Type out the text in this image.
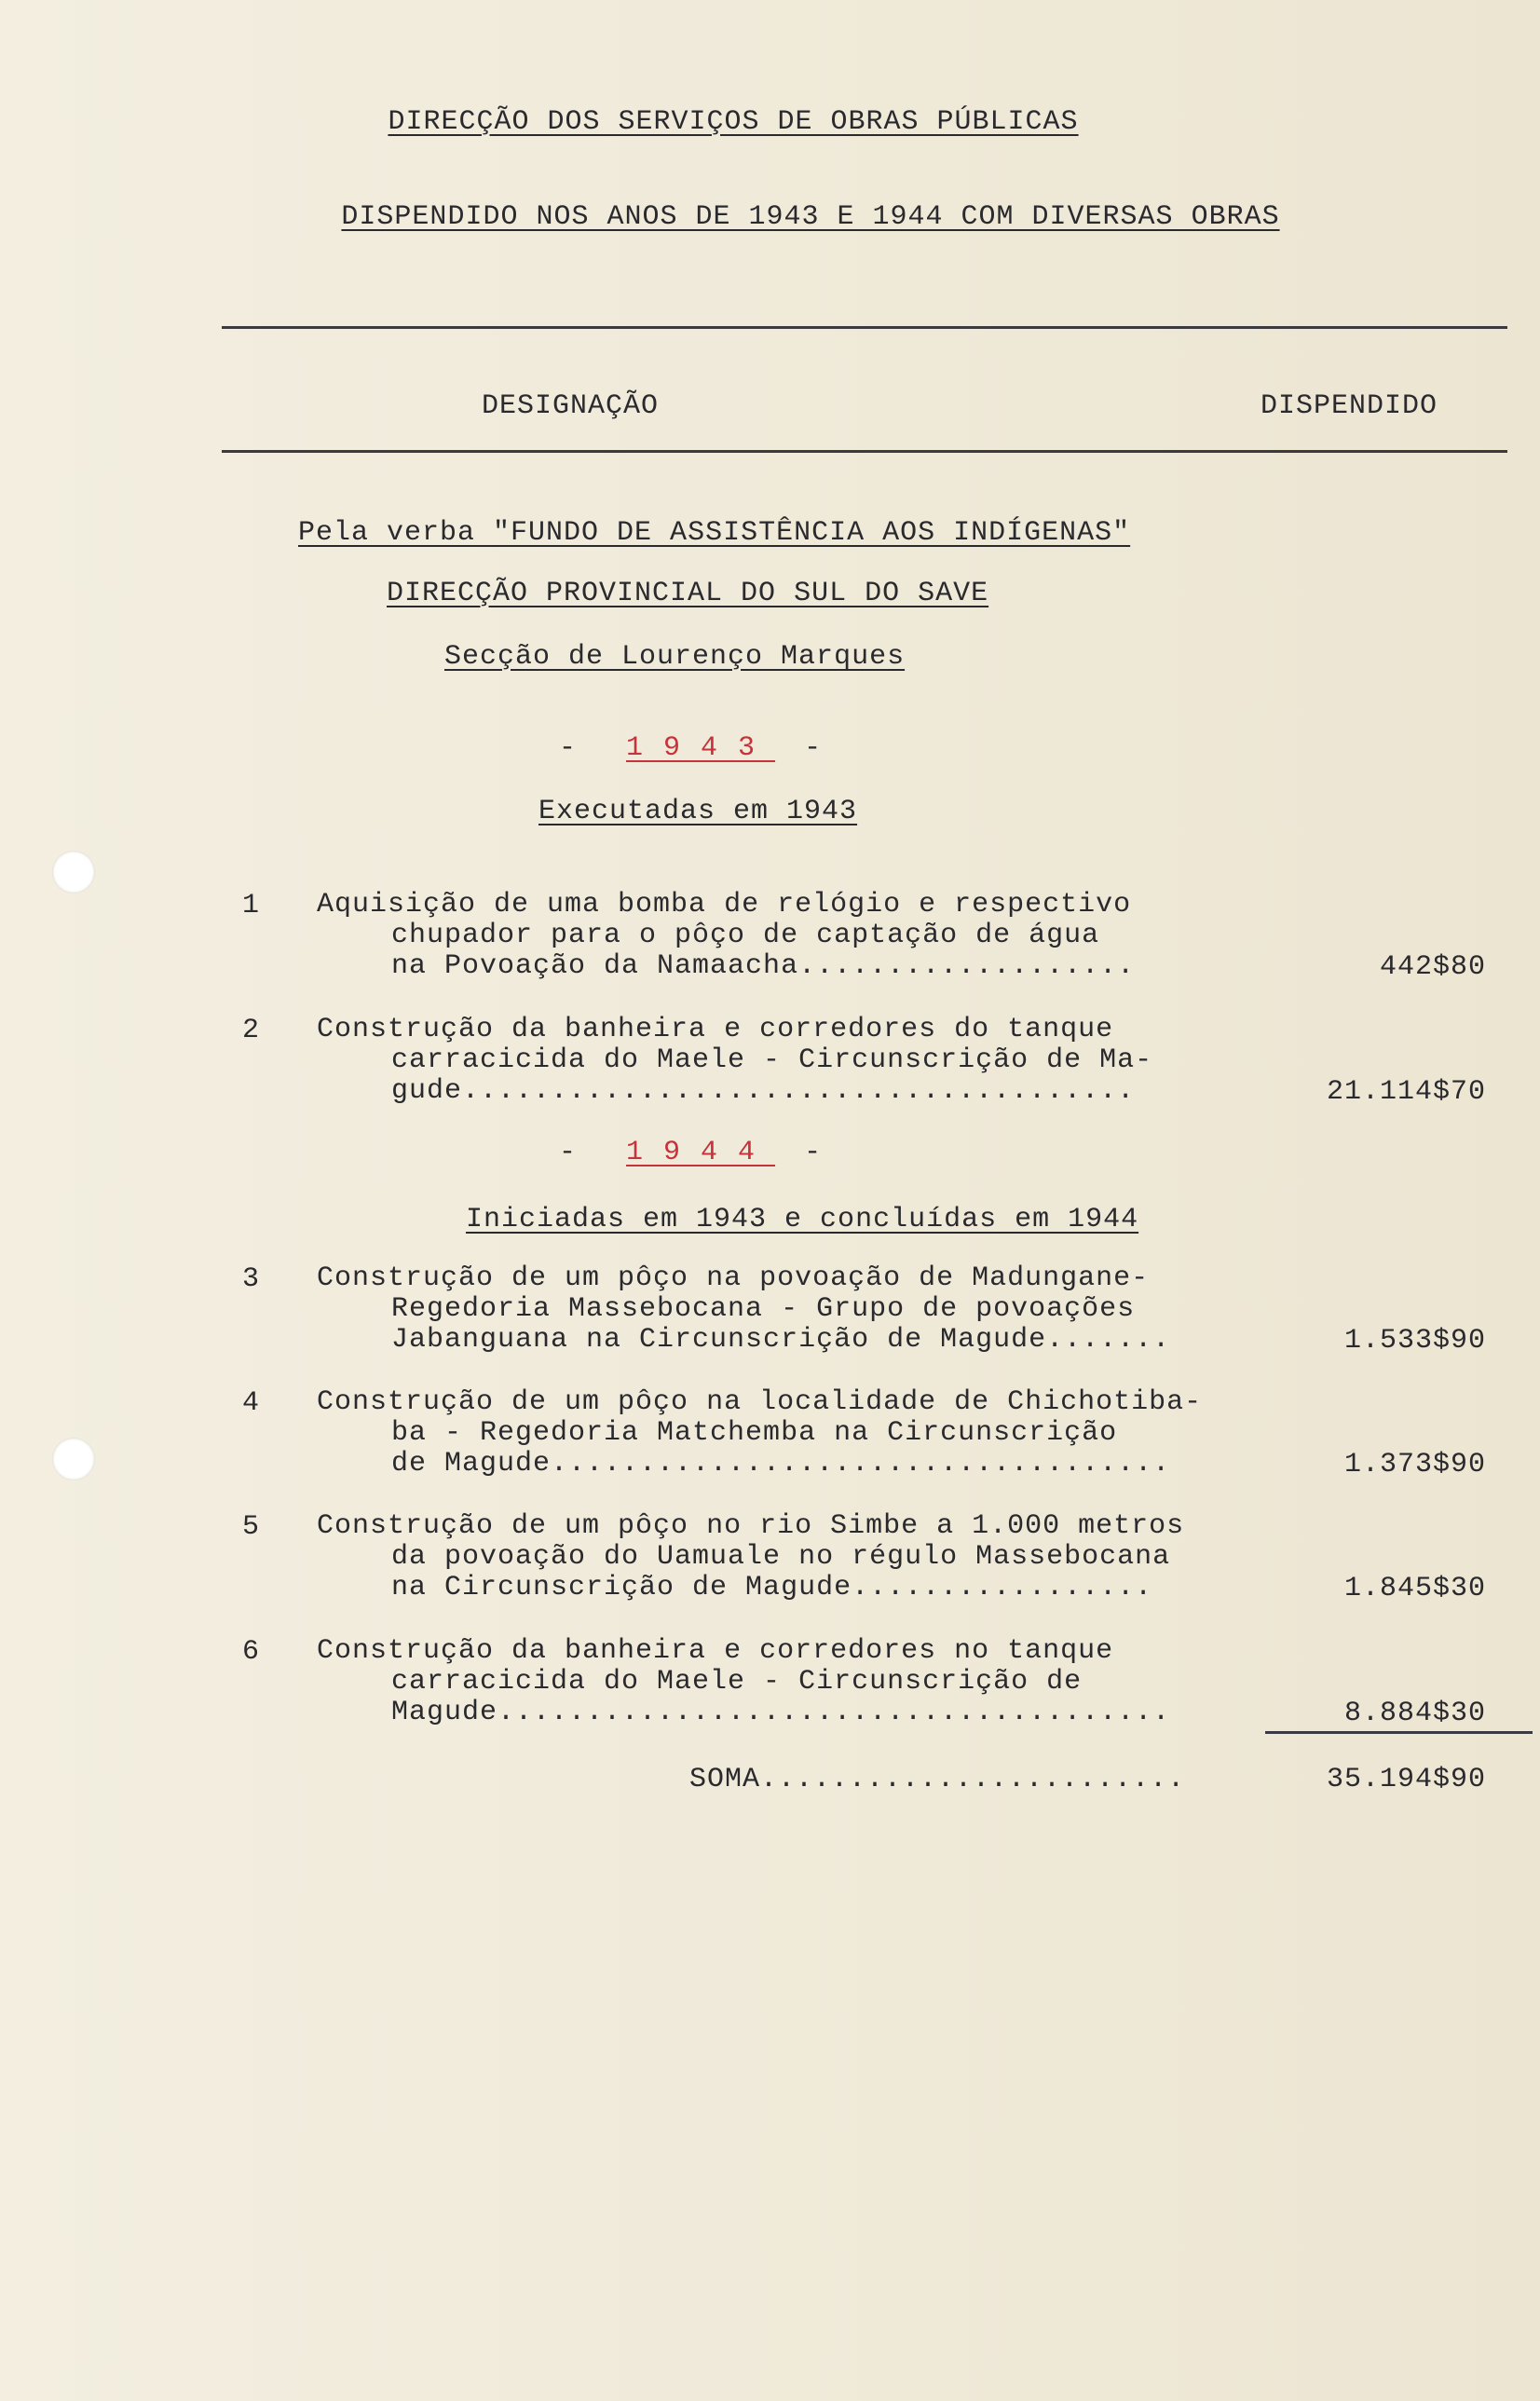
DIRECÇÃO DOS SERVIÇOS DE OBRAS PÚBLICAS
DISPENDIDO NOS ANOS DE 1943 E 1944 COM DIVERSAS OBRAS
DESIGNAÇÃO	DISPENDIDO
Pela verba "FUNDO DE ASSISTÊNCIA AOS INDÍGENAS"
DIRECÇÃO PROVINCIAL DO SUL DO SAVE
Secção de Lourenço Marques
- 1943 -
Executadas em 1943
1 Aquisição de uma bomba de relógio e respectivo
chupador para o pôço de captação de água
na Povoação da Namaacha...................	442$80
2 Construção da banheira e corredores do tanque
carracicida do Maele - Circunscrição de Ma-
gude......................................	21.114$70
- 1944 -
Iniciadas em 1943 e concluídas em 1944
3 Construção de um pôço na povoação de Madungane-
Regedoria Massebocana - Grupo de povoações
Jabanguana na Circunscrição de Magude.......	1.533$90
4 Construção de um pôço na localidade de Chichotiba-
ba - Regedoria Matchemba na Circunscrição
de Magude...................................	1.373$90
5 Construção de um pôço no rio Simbe a 1.000 metros
da povoação do Uamuale no régulo Massebocana
na Circunscrição de Magude.................	1.845$30
6 Construção da banheira e corredores no tanque
carracicida do Maele - Circunscrição de
Magude......................................	8.884$30
SOMA........................	35.194$90
